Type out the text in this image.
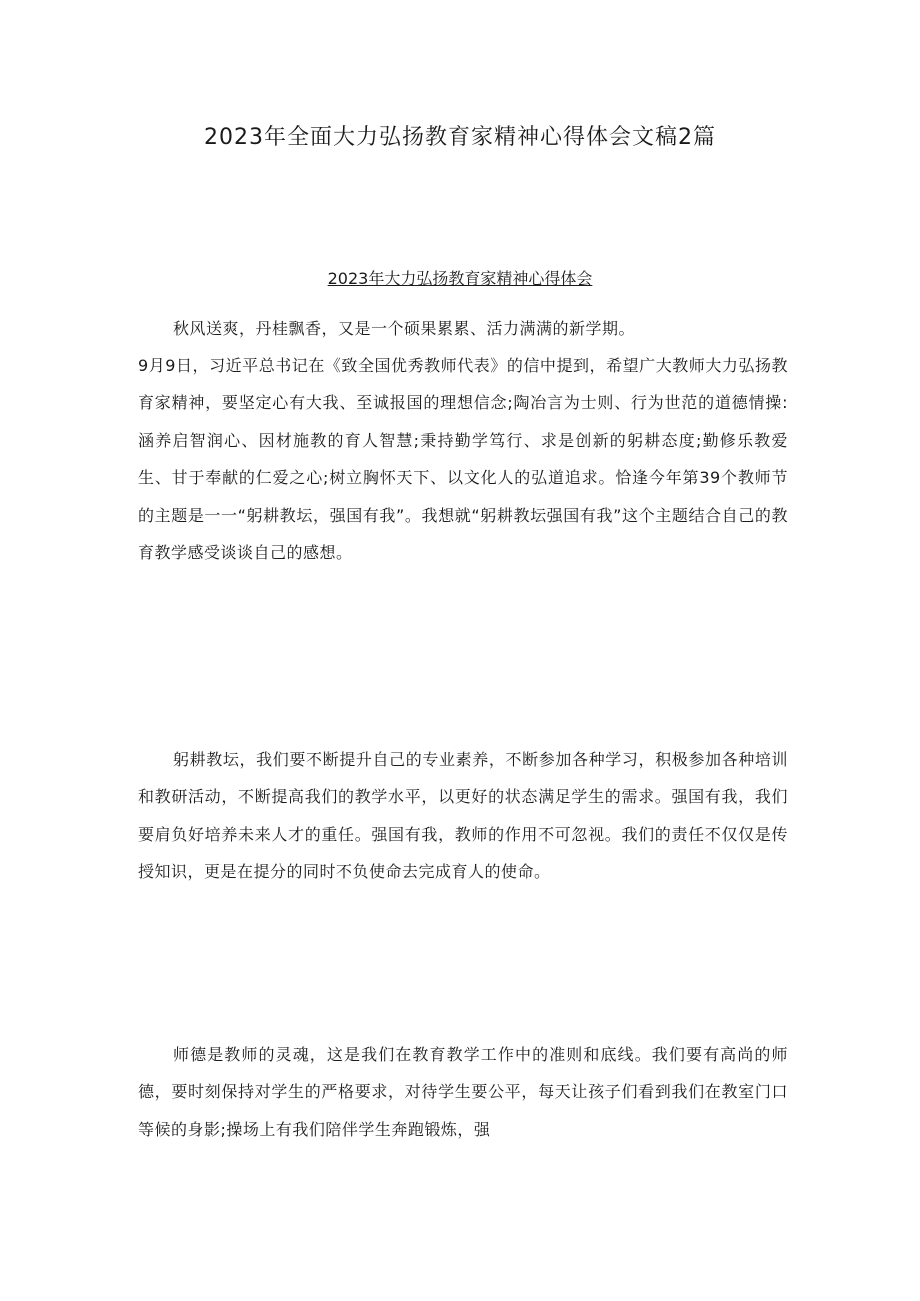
2023年全面大力弘扬教育家精神心得体会文稿2篇
2023年大力弘扬教育家精神心得体会

秋风送爽，丹桂飘香，又是一个硕果累累、活力满满的新学期。

9月9日，习近平总书记在《致全国优秀教师代表》的信中提到，希望广大教师大力弘扬教育家精神，要坚定心有大我、至诚报国的理想信念;陶冶言为士则、行为世范的道德情操:涵养启智润心、因材施教的育人智慧;秉持勤学笃行、求是创新的躬耕态度;勤修乐教爱生、甘于奉献的仁爱之心;树立胸怀天下、以文化人的弘道追求。恰逢今年第39个教师节的主题是一一“躬耕教坛，强国有我”。我想就“躬耕教坛强国有我”这个主题结合自己的教育教学感受谈谈自己的感想。

躬耕教坛，我们要不断提升自己的专业素养，不断参加各种学习，积极参加各种培训和教研活动，不断提高我们的教学水平，以更好的状态满足学生的需求。强国有我，我们要肩负好培养未来人才的重任。强国有我，教师的作用不可忽视。我们的责任不仅仅是传授知识，更是在提分的同时不负使命去完成育人的使命。

师德是教师的灵魂，这是我们在教育教学工作中的准则和底线。我们要有高尚的师德，要时刻保持对学生的严格要求，对待学生要公平，每天让孩子们看到我们在教室门口等候的身影;操场上有我们陪伴学生奔跑锻炼，强
